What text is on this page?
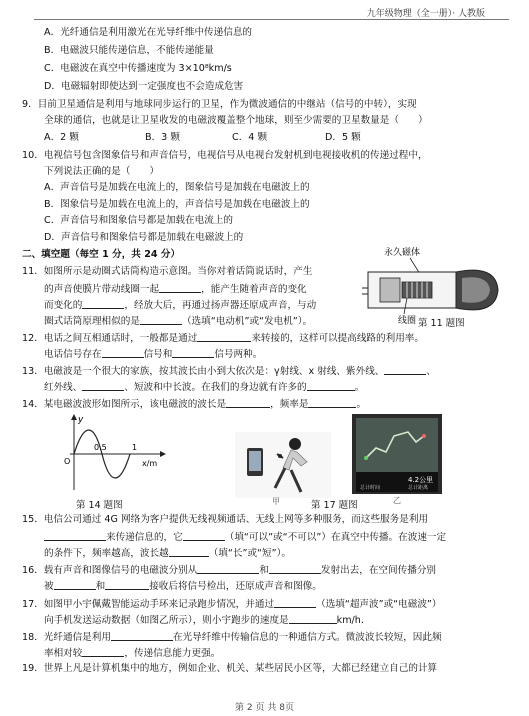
九年级物理（全一册）· 人教版
A．光纤通信是利用激光在光导纤维中传递信息的
B．电磁波只能传递信息，不能传递能量
C．电磁波在真空中传播速度为 3×10⁸km/s
D．电磁辐射即使达到一定强度也不会造成危害
9．目前卫星通信是利用与地球同步运行的卫星，作为微波通信的中继站（信号的中转），实现
全球的通信，也就是让卫星收发的电磁波覆盖整个地球，则至少需要的卫星数量是（　　）
A．2 颗	B．3 颗	C．4 颗	D．5 颗
10．电视信号包含图象信号和声音信号，电视信号从电视台发射机到电视接收机的传递过程中，
下列说法正确的是（　　）
A．声音信号是加载在电流上的，图象信号是加载在电磁波上的
B．图象信号是加载在电流上的，声音信号是加载在电磁波上的
C．声音信号和图象信号都是加载在电流上的
D．声音信号和图象信号都是加载在电磁波上的
二、填空题（每空 1 分，共 24 分）
11．如图所示是动圈式话筒构造示意图。当你对着话筒说话时，产生
的声音使膜片带动线圈一起	，能产生随着声音的变化
而变化的	，经放大后，再通过扬声器还原成声音，与动
圈式话筒原理相似的是	（选填“电动机”或“发电机”）。
永久磁体
线圈 第 11 题图
12．电话之间互相通话时，一般都是通过	来转接的，这样可以提高线路的利用率。
电话信号存在	信号和	信号两种。
13．电磁波是一个很大的家族，按其波长由小到大依次是：γ射线、x 射线、紫外线、	、
红外线、	、短波和中长波。在我们的身边就有许多的	。
14．某电磁波波形如图所示，该电磁波的波长是	，频率是	。
y
O
0.5	1
x/m
第 14 题图	甲
4.2公里
总计时间	总计距离
第 17 题图	乙
15．电信公司通过 4G 网络为客户提供无线视频通话、无线上网等多种服务，而这些服务是利用
来传递信息的，它	（填“可以”或“不可以”）在真空中传播。在波速一定
的条件下，频率越高，波长越	（填“长”或“短”）。
16．载有声音和图像信号的电磁波分别从	和	发射出去，在空间传播分别
被	和	接收后将信号检出，还原成声音和图像。
17．如图甲小宇佩戴智能运动手环来记录跑步情况，并通过	（选填“超声波”或“电磁波”）
向手机发送运动数据（如图乙所示），则小宇跑步的速度是	km/h.
18．光纤通信是利用	在光导纤维中传输信息的一种通信方式。微波波长较短，因此频
率相对较	，传递信息能力更强。
19．世界上凡是计算机集中的地方，例如企业、机关、某些居民小区等，大都已经建立自己的计算
第 2 页 共 8页
